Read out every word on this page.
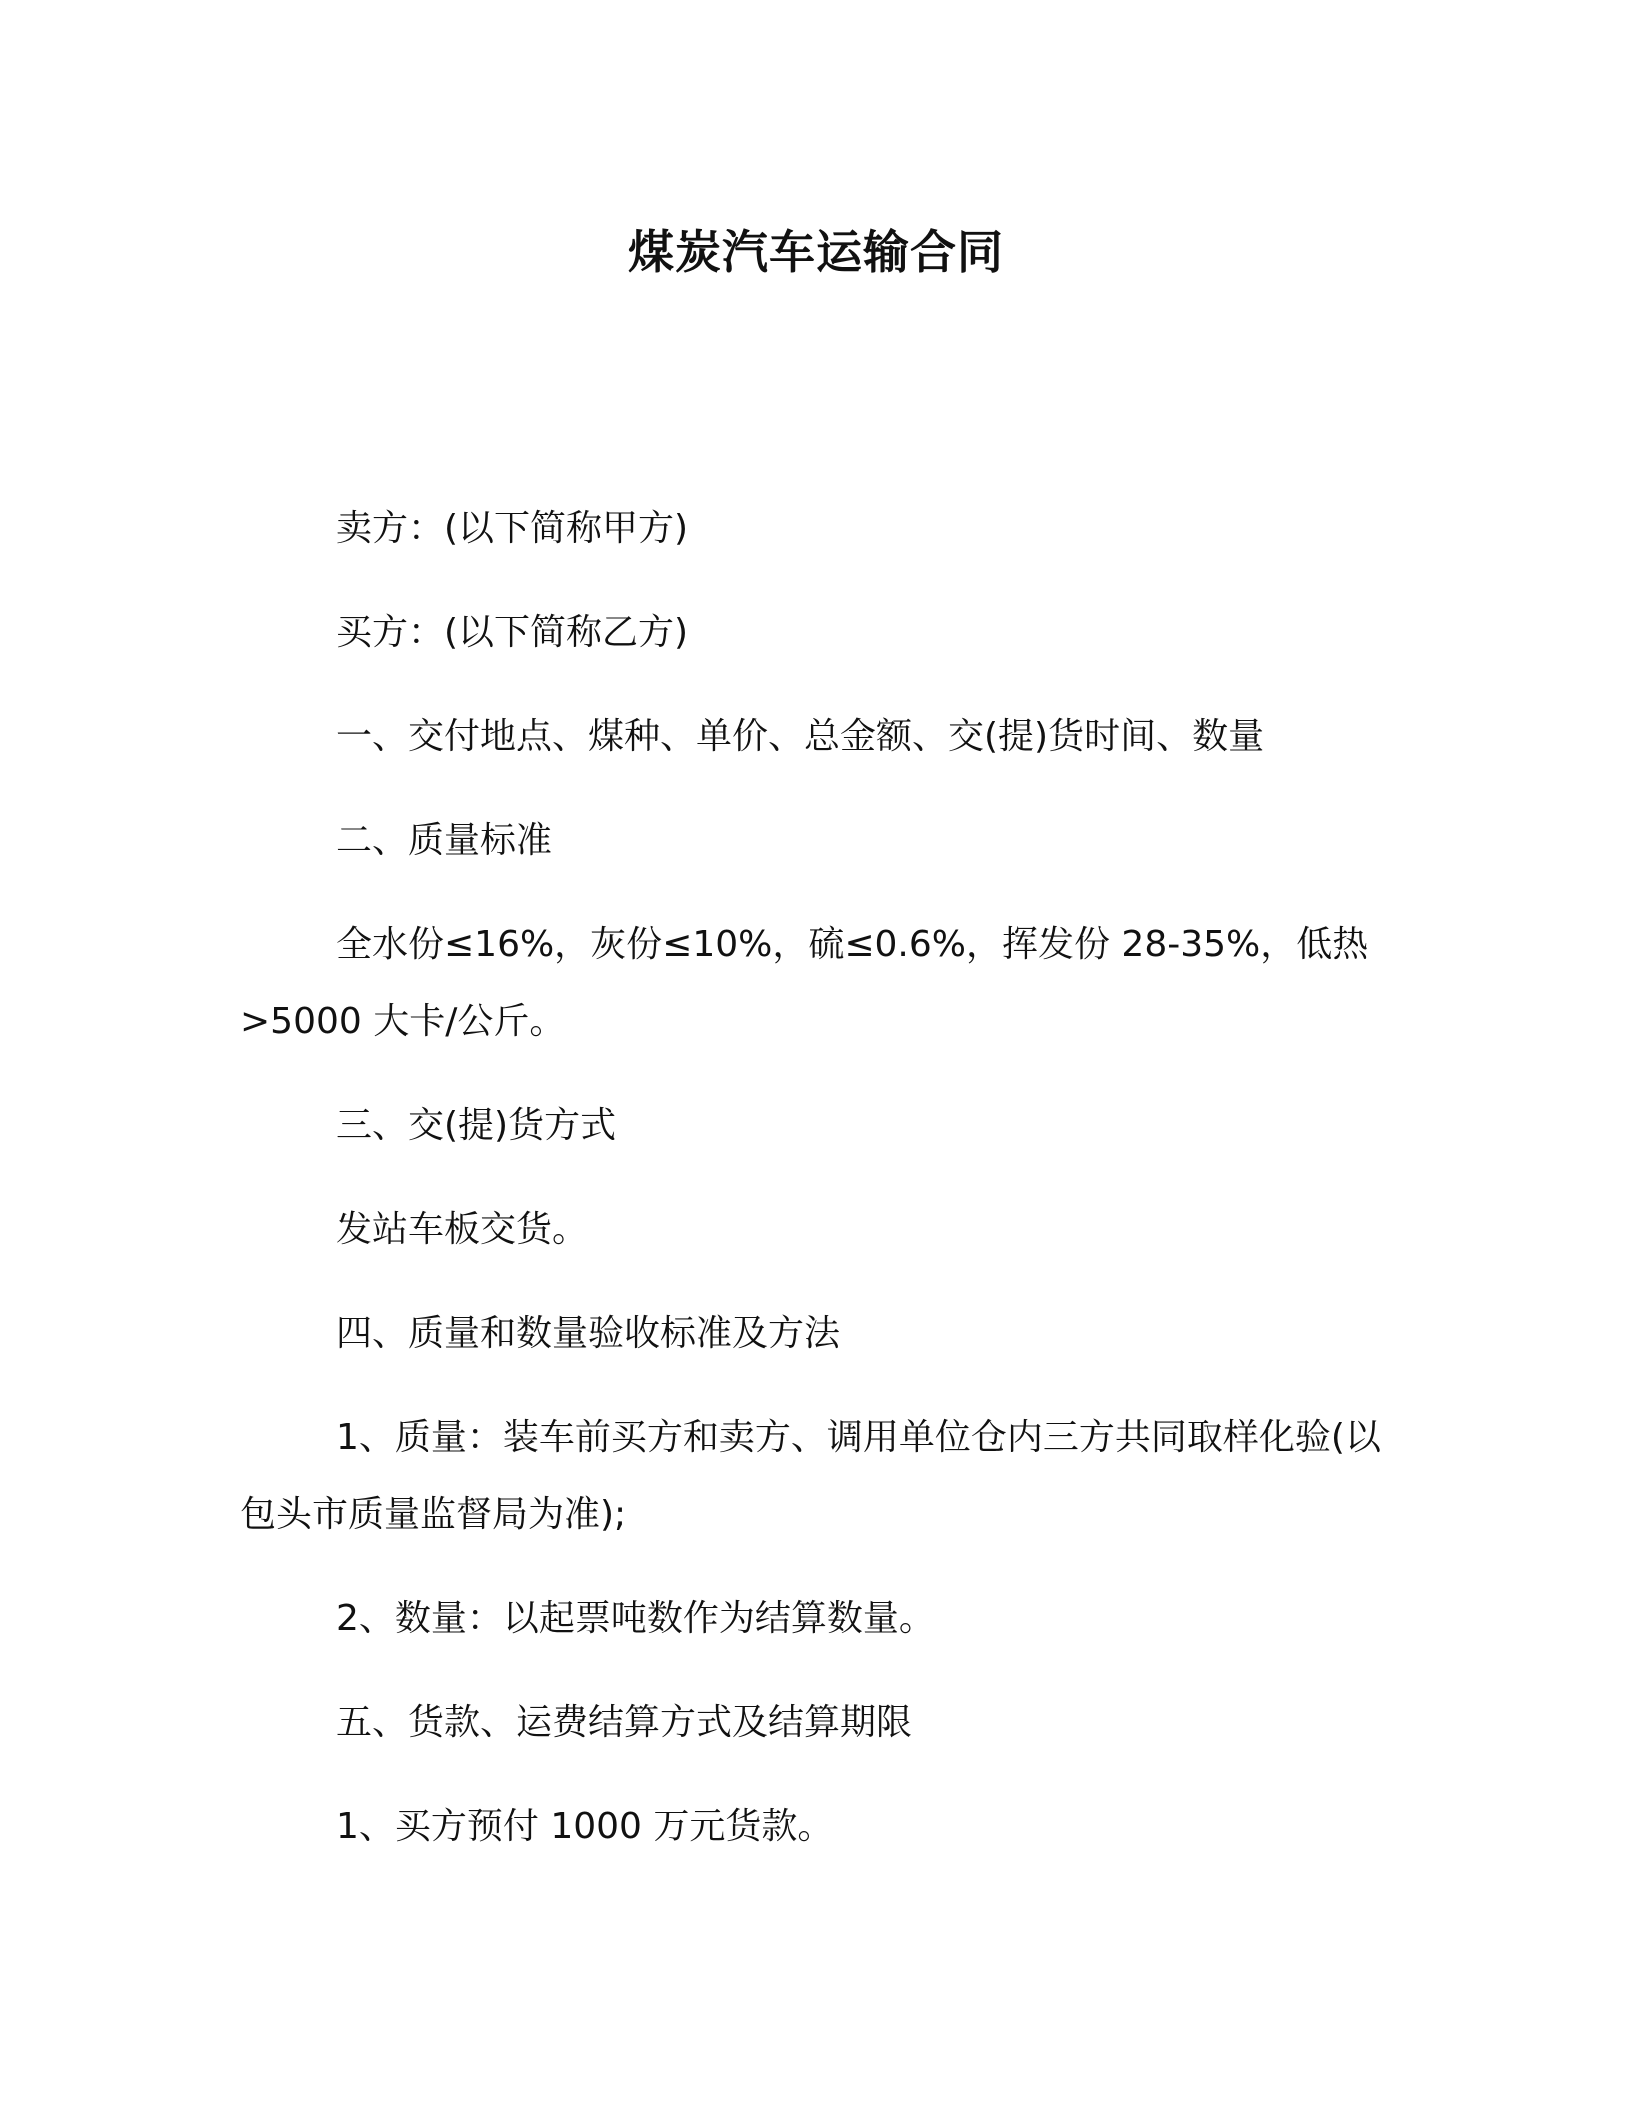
煤炭汽车运输合同

卖方：(以下简称甲方)

买方：(以下简称乙方)

一、交付地点、煤种、单价、总金额、交(提)货时间、数量

二、质量标准

全水份≤16%，灰份≤10%，硫≤0.6%，挥发份 28-35%，低热>5000 大卡/公斤。

三、交(提)货方式

发站车板交货。

四、质量和数量验收标准及方法

1、质量：装车前买方和卖方、调用单位仓内三方共同取样化验(以包头市质量监督局为准);

2、数量：以起票吨数作为结算数量。

五、货款、运费结算方式及结算期限

1、买方预付 1000 万元货款。
